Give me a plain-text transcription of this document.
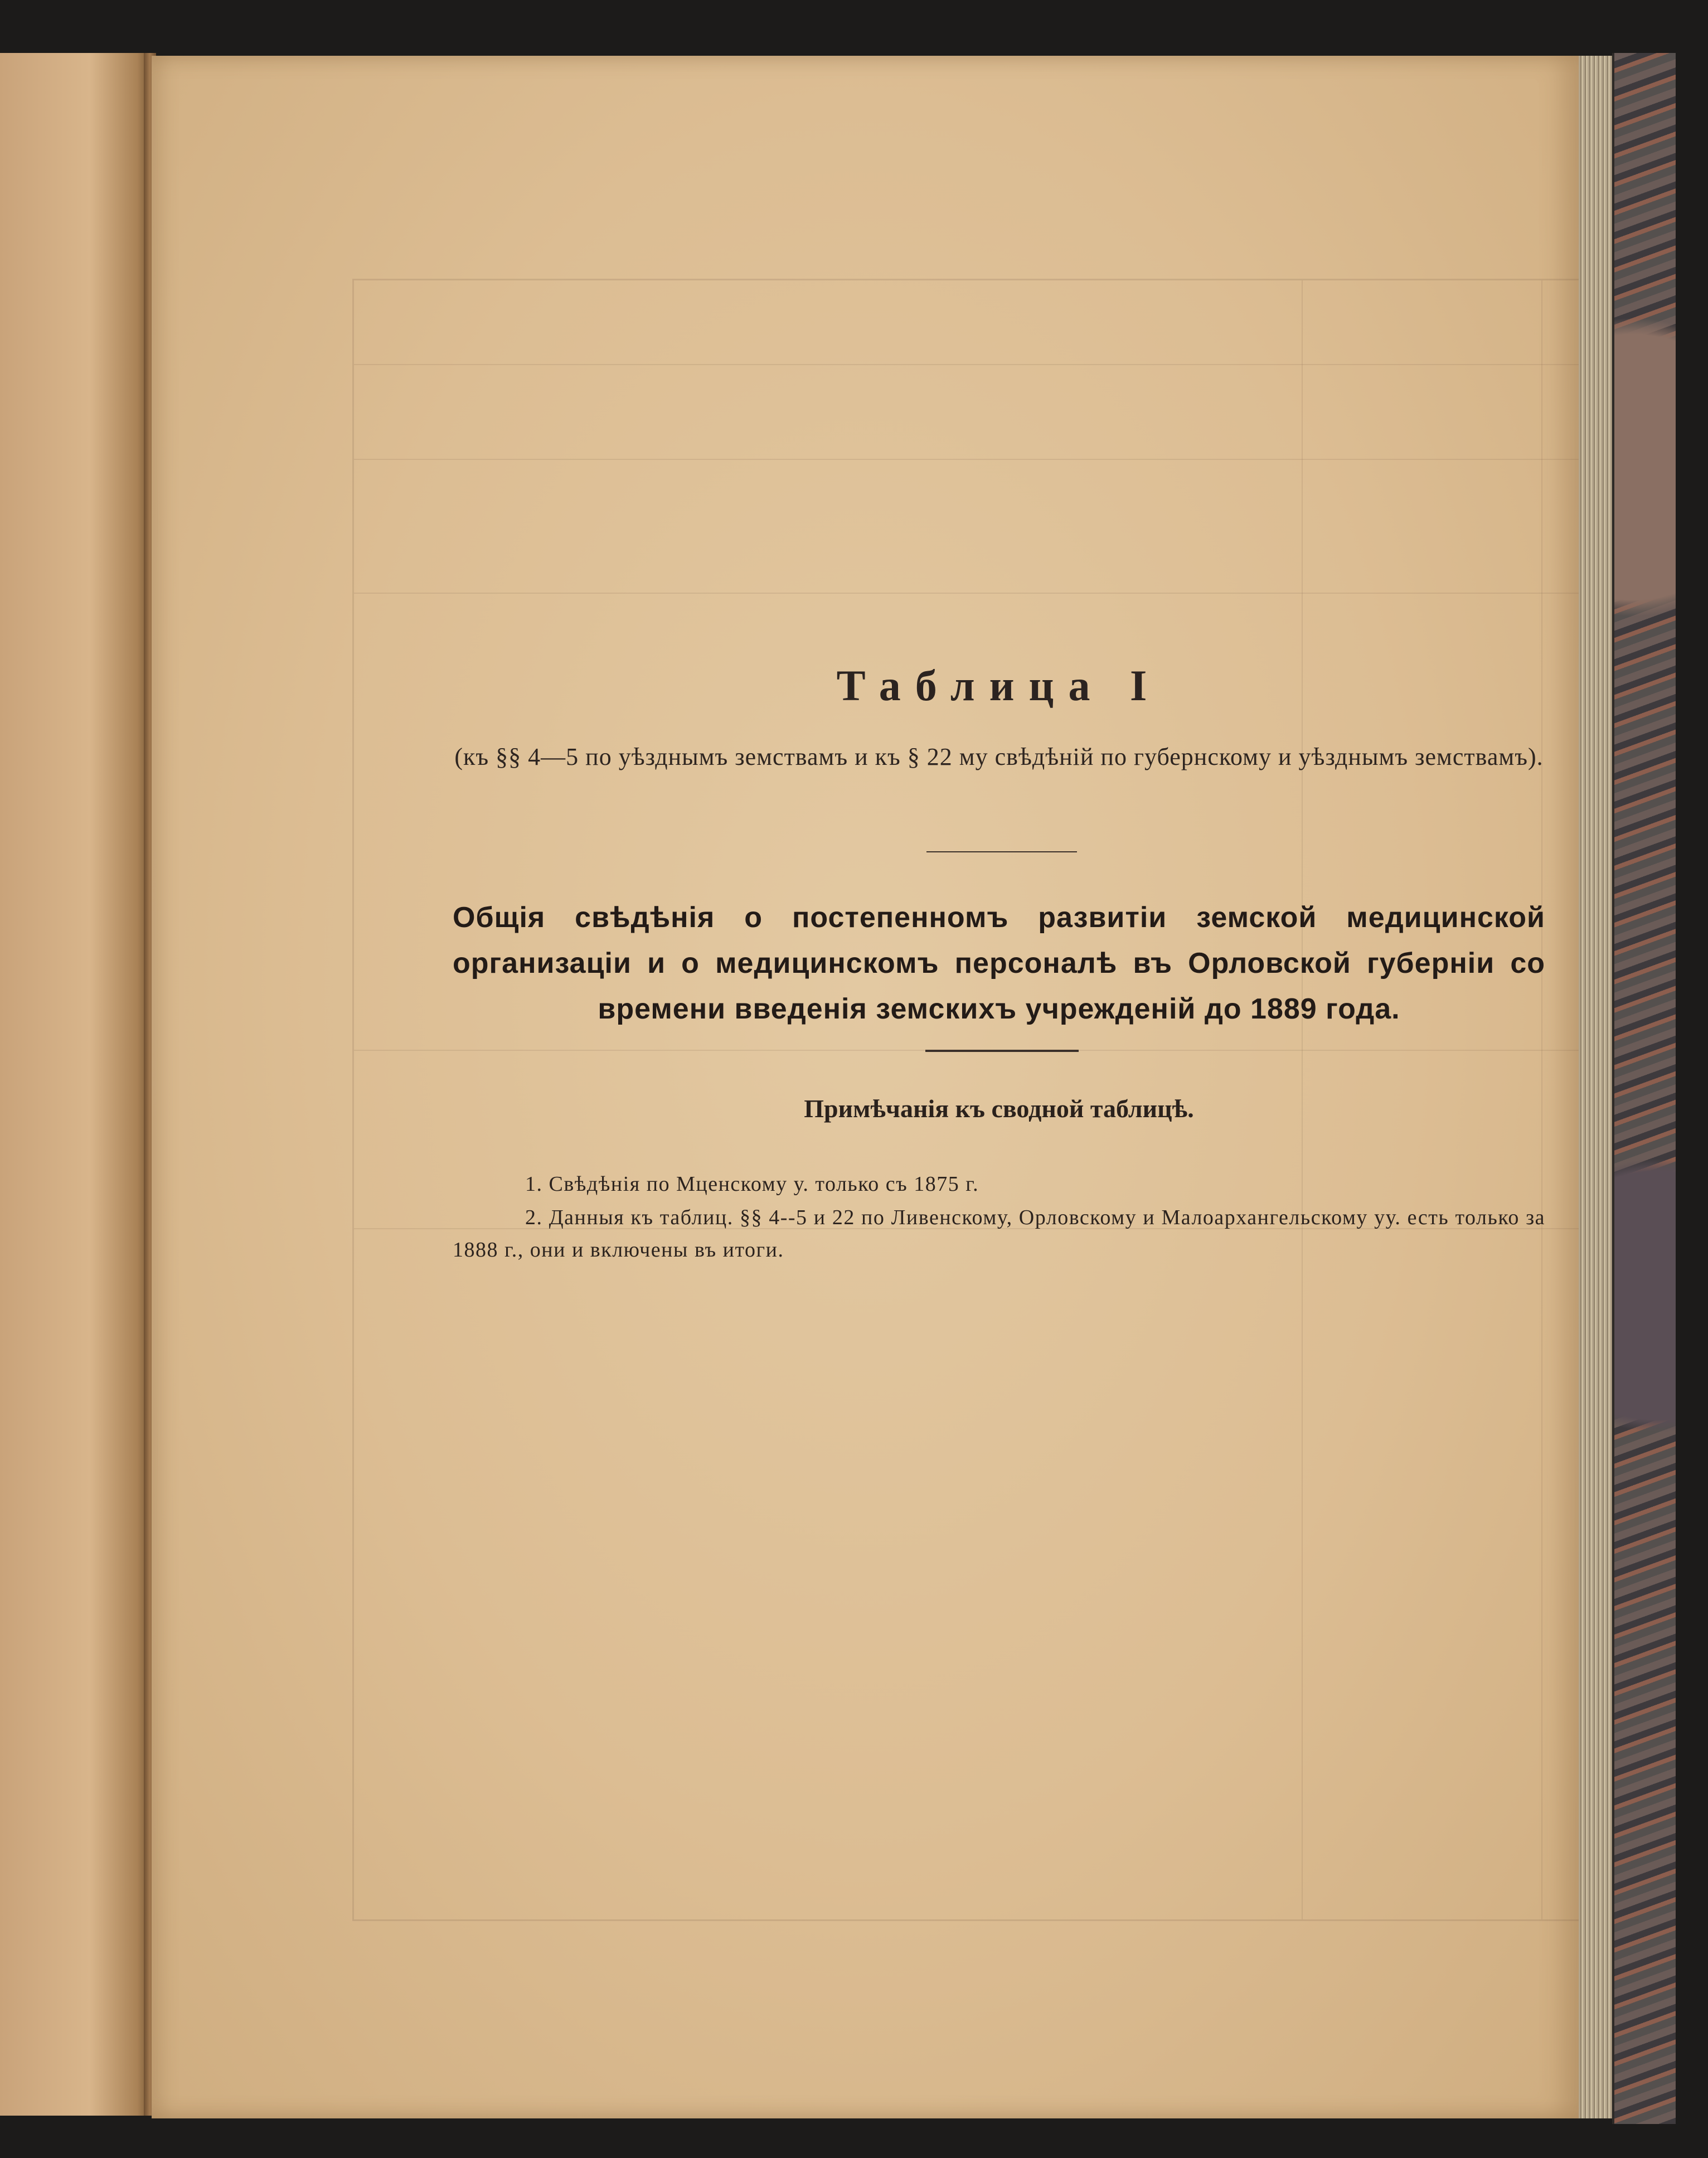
Таблица I
(къ §§ 4—5 по уѣзднымъ земствамъ и къ § 22 му свѣдѣній по губернскому и уѣзднымъ земствамъ).
Общія свѣдѣнія о постепенномъ развитіи земской медицинской организаціи и о медицинскомъ персоналѣ въ Орловской губерніи со времени введенія земскихъ учрежденій до 1889 года.
Примѣчанія къ сводной таблицѣ.
1. Свѣдѣнія по Мценскому у. только съ 1875 г.
2. Данныя къ таблиц. §§ 4--5 и 22 по Ливенскому, Орловскому и Малоархангельскому уу. есть только за 1888 г., они и включены въ итоги.
